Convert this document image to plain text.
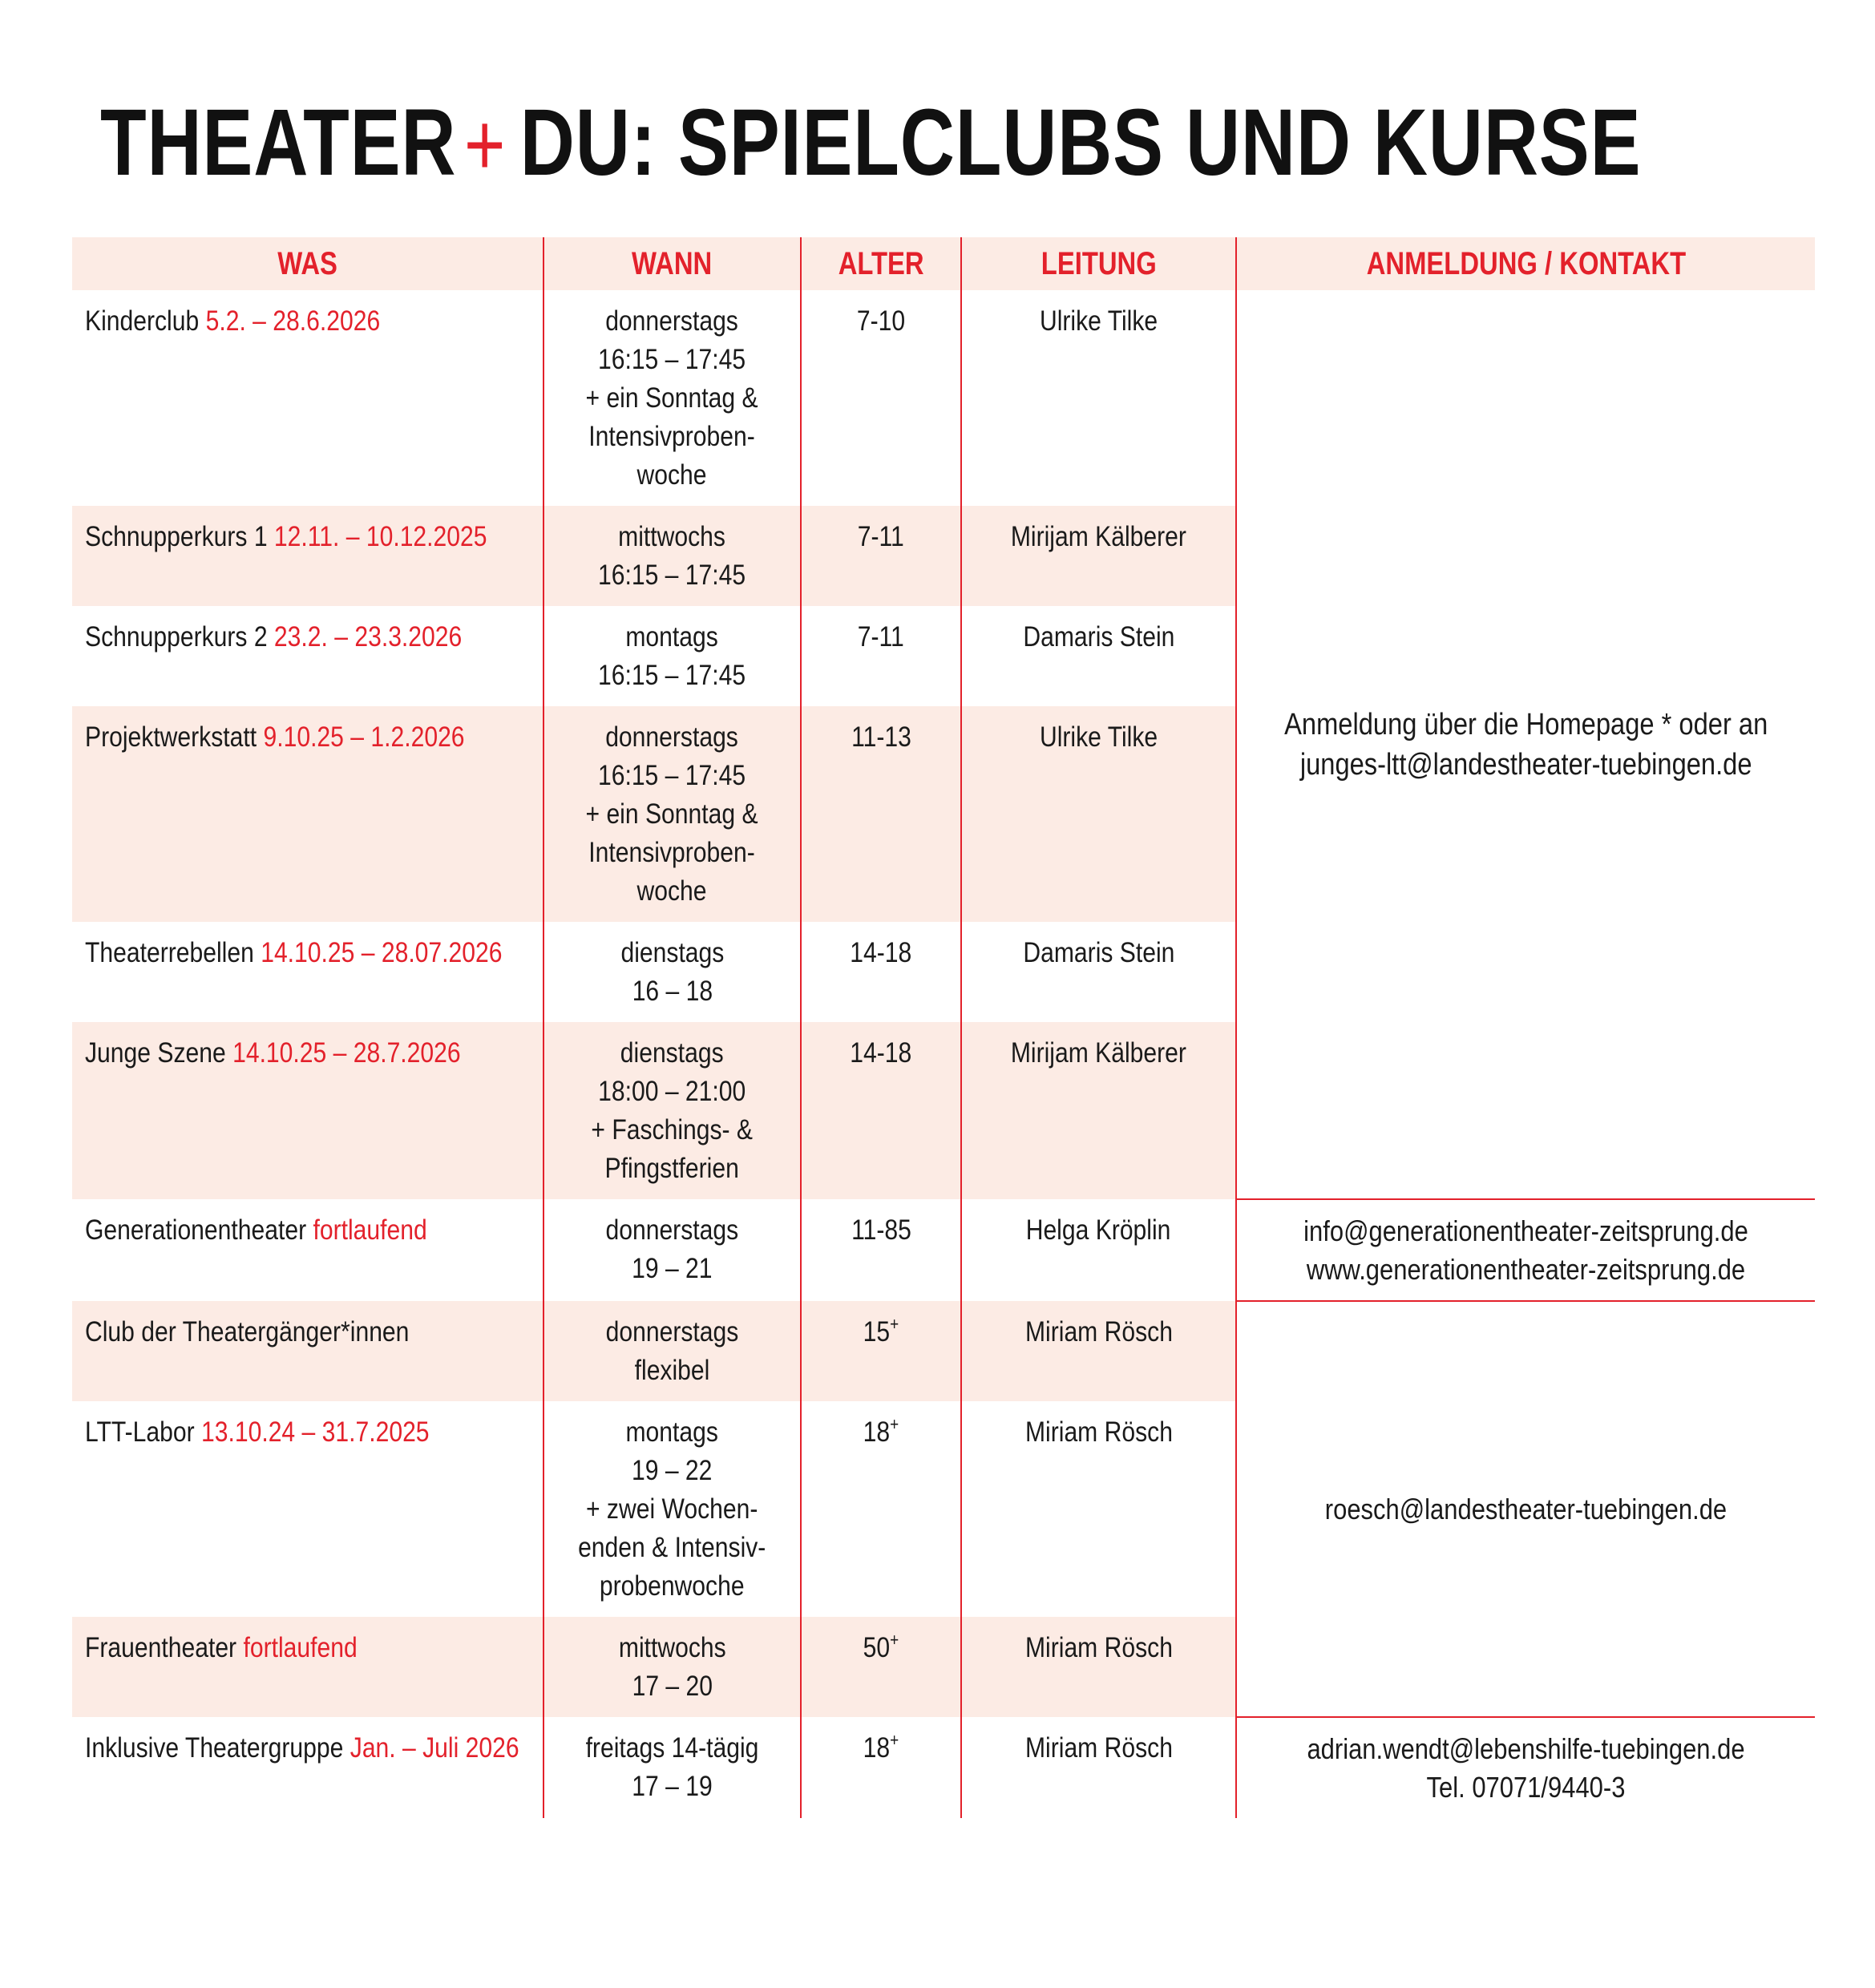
THEATER+ DU: SPIELCLUBS UND KURSE
WAS	WANN	ALTER	LEITUNG	ANMELDUNG / KONTAKT
Kinderclub 5.2. – 28.6.2026	donnerstags
16:15 – 17:45
+ ein Sonntag &
Intensivproben-
woche	7-10	Ulrike Tilke	Anmeldung über die Homepage * oder an
junges-ltt@landestheater-tuebingen.de
Schnupperkurs 1 12.11. – 10.12.2025	mittwochs
16:15 – 17:45	7-11	Mirijam Kälberer	
Schnupperkurs 2 23.2. – 23.3.2026	montags
16:15 – 17:45	7-11	Damaris Stein	
Projektwerkstatt 9.10.25 – 1.2.2026	donnerstags
16:15 – 17:45
+ ein Sonntag &
Intensivproben-
woche	11-13	Ulrike Tilke	
Theaterrebellen 14.10.25 – 28.07.2026	dienstags
16 – 18	14-18	Damaris Stein	
Junge Szene 14.10.25 – 28.7.2026	dienstags
18:00 – 21:00
+ Faschings- &
Pfingstferien	14-18	Mirijam Kälberer	
Generationentheater fortlaufend	donnerstags
19 – 21	11-85	Helga Kröplin	info@generationentheater-zeitsprung.de
www.generationentheater-zeitsprung.de
Club der Theatergänger*innen	donnerstags flexibel	15+	Miriam Rösch	roesch@landestheater-tuebingen.de
LTT-Labor 13.10.24 – 31.7.2025	montags
19 – 22
+ zwei Wochen-
enden & Intensiv-
probenwoche	18+	Miriam Rösch	
Frauentheater fortlaufend	mittwochs
17 – 20	50+	Miriam Rösch	
Inklusive Theatergruppe Jan. – Juli 2026	freitags 14-tägig
17 – 19	18+	Miriam Rösch	adrian.wendt@lebenshilfe-tuebingen.de
Tel. 07071/9440-3
